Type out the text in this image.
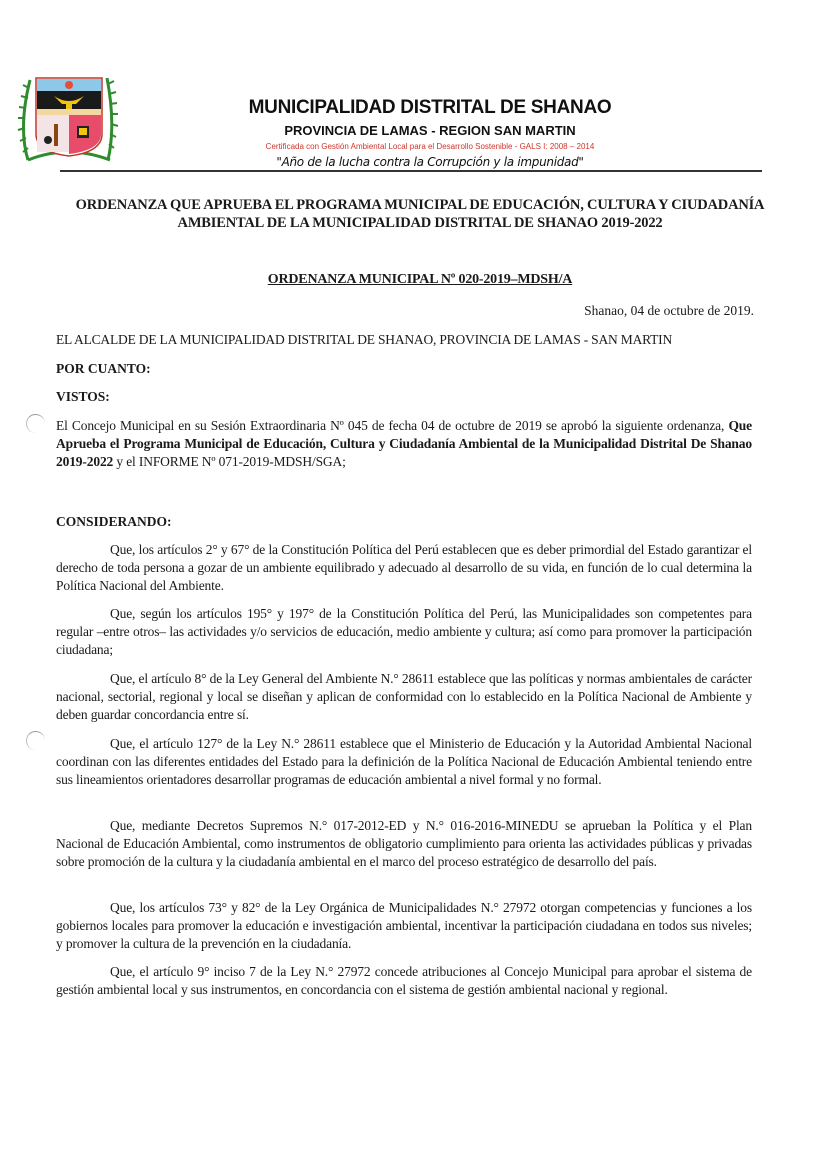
MUNICIPALIDAD DISTRITAL DE SHANAO
PROVINCIA DE LAMAS - REGION SAN MARTIN
Certificada con Gestión Ambiental Local para el Desarrollo Sostenible - GALS I: 2008 – 2014
"Año de la lucha contra la Corrupción y la impunidad"
ORDENANZA QUE APRUEBA EL PROGRAMA MUNICIPAL DE EDUCACIÓN, CULTURA Y CIUDADANÍA
AMBIENTAL DE LA MUNICIPALIDAD DISTRITAL DE SHANAO 2019-2022
ORDENANZA MUNICIPAL Nº 020-2019–MDSH/A
Shanao, 04 de octubre de 2019.
EL ALCALDE DE LA MUNICIPALIDAD DISTRITAL DE SHANAO, PROVINCIA DE LAMAS - SAN MARTIN
POR CUANTO:
VISTOS:
El Concejo Municipal en su Sesión Extraordinaria Nº 045 de fecha 04 de octubre de 2019 se aprobó la siguiente ordenanza, Que Aprueba el Programa Municipal de Educación, Cultura y Ciudadanía Ambiental de la Municipalidad Distrital De Shanao 2019-2022 y el INFORME Nº 071-2019-MDSH/SGA;
CONSIDERANDO:
Que, los artículos 2° y 67° de la Constitución Política del Perú establecen que es deber primordial del Estado garantizar el derecho de toda persona a gozar de un ambiente equilibrado y adecuado al desarrollo de su vida, en función de lo cual determina la Política Nacional del Ambiente.
Que, según los artículos 195° y 197° de la Constitución Política del Perú, las Municipalidades son competentes para regular –entre otros– las actividades y/o servicios de educación, medio ambiente y cultura; así como para promover la participación ciudadana;
Que, el artículo 8° de la Ley General del Ambiente N.° 28611 establece que las políticas y normas ambientales de carácter nacional, sectorial, regional y local se diseñan y aplican de conformidad con lo establecido en la Política Nacional de Ambiente y deben guardar concordancia entre sí.
Que, el artículo 127° de la Ley N.° 28611 establece que el Ministerio de Educación y la Autoridad Ambiental Nacional coordinan con las diferentes entidades del Estado para la definición de la Política Nacional de Educación Ambiental teniendo entre sus lineamientos orientadores desarrollar programas de educación ambiental a nivel formal y no formal.
Que, mediante Decretos Supremos N.° 017-2012-ED y N.° 016-2016-MINEDU se aprueban la Política y el Plan Nacional de Educación Ambiental, como instrumentos de obligatorio cumplimiento para orienta las actividades públicas y privadas sobre promoción de la cultura y la ciudadanía ambiental en el marco del proceso estratégico de desarrollo del país.
Que, los artículos 73° y 82° de la Ley Orgánica de Municipalidades N.° 27972 otorgan competencias y funciones a los gobiernos locales para promover la educación e investigación ambiental, incentivar la participación ciudadana en todos sus niveles; y promover la cultura de la prevención en la ciudadanía.
Que, el artículo 9° inciso 7 de la Ley N.° 27972 concede atribuciones al Concejo Municipal para aprobar el sistema de gestión ambiental local y sus instrumentos, en concordancia con el sistema de gestión ambiental nacional y regional.
